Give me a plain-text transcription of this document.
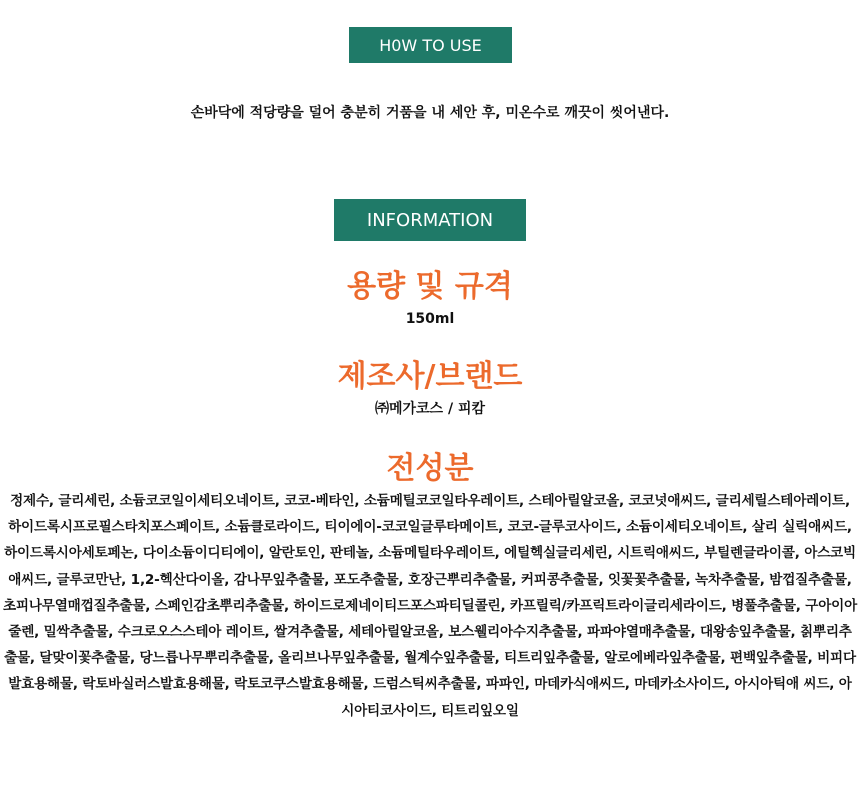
H0W TO USE
손바닥에 적당량을 덜어 충분히 거품을 내 세안 후, 미온수로 깨끗이 씻어낸다.
INFORMATION
용량 및 규격
150ml
제조사/브랜드
㈜메가코스 / 피캄
전성분
정제수, 글리세린, 소듐코코일이세티오네이트, 코코-베타인, 소듐메틸코코일타우레이트, 스테아릴알코올, 코코넛애씨드, 글리세릴스테아레이트, 하이드록시프로필스타치포스페이트, 소듐클로라이드, 티이에이-코코일글루타메이트, 코코-글루코사이드, 소듐이세티오네이트, 살리 실릭애씨드, 하이드록시아세토페논, 다이소듐이디티에이, 알란토인, 판테놀, 소듐메틸타우레이트, 에틸헥실글리세린, 시트릭애씨드, 부틸렌글라이콜, 아스코빅애씨드, 글루코만난, 1,2-헥산다이올, 감나무잎추출물, 포도추출물, 호장근뿌리추출물, 커피콩추출물, 잇꽃꽃추출물, 녹차추출물, 밤껍질추출물, 초피나무열매껍질추출물, 스페인감초뿌리추출물, 하이드로제네이티드포스파티딜콜린, 카프릴릭/카프릭트라이글리세라이드, 병풀추출물, 구아이아줄렌, 밀싹추출물, 수크로오스스테아 레이트, 쌀겨추출물, 세테아릴알코올, 보스웰리아수지추출물, 파파야열매추출물, 대왕송잎추출물, 칡뿌리추출물, 달맞이꽃추출물, 당느릅나무뿌리추출물, 올리브나무잎추출물, 월계수잎추출물, 티트리잎추출물, 알로에베라잎추출물, 편백잎추출물, 비피다발효용해물, 락토바실러스발효용해물, 락토코쿠스발효용해물, 드럼스틱씨추출물, 파파인, 마데카식애씨드, 마데카소사이드, 아시아틱애 씨드, 아시아티코사이드, 티트리잎오일
